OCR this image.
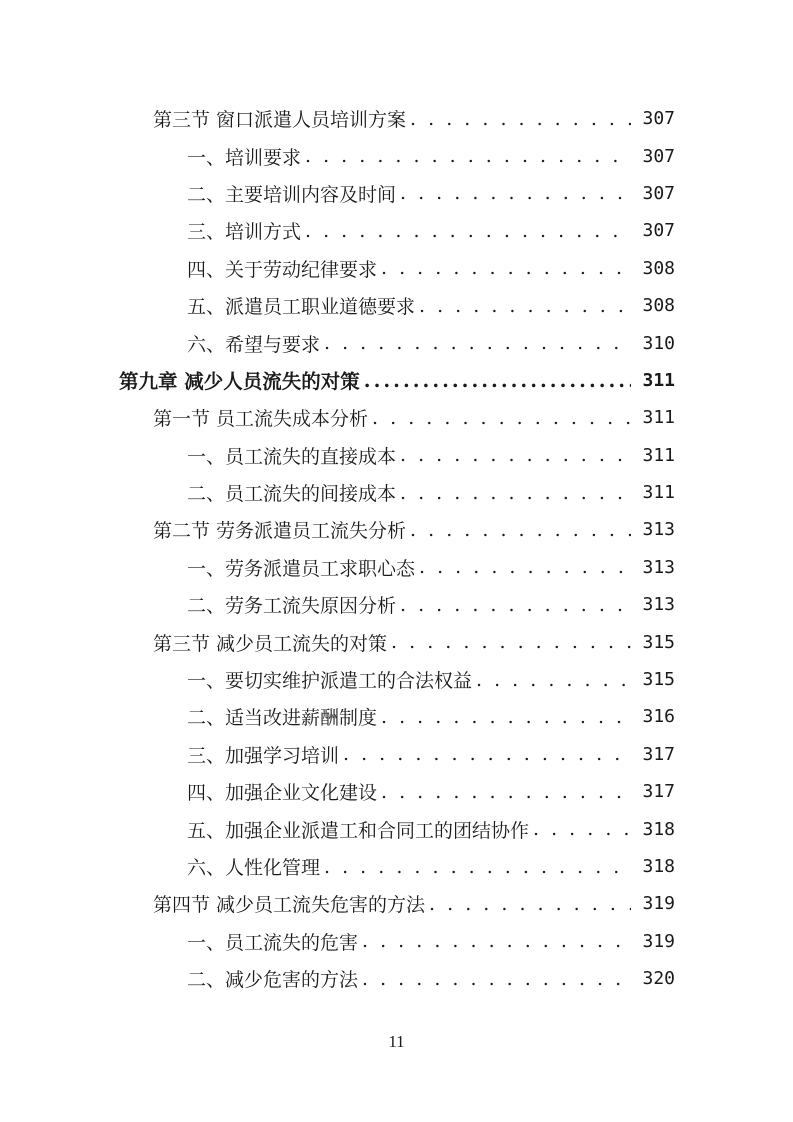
第三节 窗口派遣人员培训方案 . . .	307
一、培训要求 . . .	307
二、主要培训内容及时间 . . .	307
三、培训方式 . . .	307
四、关于劳动纪律要求 . . .	308
五、派遣员工职业道德要求 . . .	308
六、希望与要求 . . .	310
第九章 减少人员流失的对策 .....	311
第一节 员工流失成本分析 . . .	311
一、员工流失的直接成本 . . .	311
二、员工流失的间接成本 . . .	311
第二节 劳务派遣员工流失分析 . . .	313
一、劳务派遣员工求职心态 . . .	313
二、劳务工流失原因分析 . . .	313
第三节 减少员工流失的对策 . . .	315
一、要切实维护派遣工的合法权益 . . .	315
二、适当改进薪酬制度 . . .	316
三、加强学习培训 . . .	317
四、加强企业文化建设 . . .	317
五、加强企业派遣工和合同工的团结协作 . . .	318
六、人性化管理 . . .	318
第四节 减少员工流失危害的方法 . . .	319
一、员工流失的危害 . . .	319
二、减少危害的方法 . . .	320
11
